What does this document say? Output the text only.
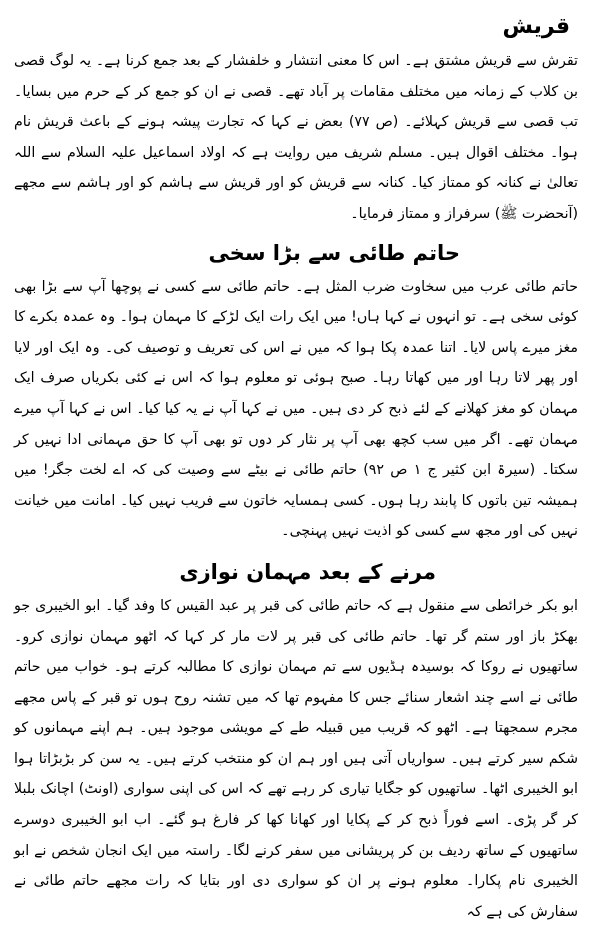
قریش

تقرش سے قریش مشتق ہے۔ اس کا معنی انتشار و خلفشار کے بعد جمع کرنا ہے۔ یہ لوگ قصی بن کلاب کے زمانہ میں مختلف مقامات پر آباد تھے۔ قصی نے ان کو جمع کر کے حرم میں بسایا۔ تب قصی سے قریش کہلائے۔ (ص ۷۷) بعض نے کہا کہ تجارت پیشہ ہونے کے باعث قریش نام ہوا۔ مختلف اقوال ہیں۔ مسلم شریف میں روایت ہے کہ اولاد اسماعیل علیہ السلام سے اللہ تعالیٰ نے کنانہ کو ممتاز کیا۔ کنانہ سے قریش کو اور قریش سے ہاشم کو اور ہاشم سے مجھے (آنحضرت ﷺ) سرفراز و ممتاز فرمایا۔

حاتم طائی سے بڑا سخی

حاتم طائی عرب میں سخاوت ضرب المثل ہے۔ حاتم طائی سے کسی نے پوچھا آپ سے بڑا بھی کوئی سخی ہے۔ تو انہوں نے کہا ہاں! میں ایک رات ایک لڑکے کا مہمان ہوا۔ وہ عمدہ بکرے کا مغز میرے پاس لایا۔ اتنا عمدہ پکا ہوا کہ میں نے اس کی تعریف و توصیف کی۔ وہ ایک اور لایا اور پھر لاتا رہا اور میں کھاتا رہا۔ صبح ہوئی تو معلوم ہوا کہ اس نے کئی بکریاں صرف ایک مہمان کو مغز کھلانے کے لئے ذبح کر دی ہیں۔ میں نے کہا آپ نے یہ کیا کیا۔ اس نے کہا آپ میرے مہمان تھے۔ اگر میں سب کچھ بھی آپ پر نثار کر دوں تو بھی آپ کا حق مہمانی ادا نہیں کر سکتا۔ (سیرۃ ابن کثیر ج ۱ ص ۹۲) حاتم طائی نے بیٹے سے وصیت کی کہ اے لخت جگر! میں ہمیشہ تین باتوں کا پابند رہا ہوں۔ کسی ہمسایہ خاتون سے فریب نہیں کیا۔ امانت میں خیانت نہیں کی اور مجھ سے کسی کو اذیت نہیں پہنچی۔

مرنے کے بعد مہمان نوازی

ابو بکر خرائطی سے منقول ہے کہ حاتم طائی کی قبر پر عبد القیس کا وفد گیا۔ ابو الخیبری جو بھکڑ باز اور ستم گر تھا۔ حاتم طائی کی قبر پر لات مار کر کہا کہ اٹھو مہمان نوازی کرو۔ ساتھیوں نے روکا کہ بوسیدہ ہڈیوں سے تم مہمان نوازی کا مطالبہ کرتے ہو۔ خواب میں حاتم طائی نے اسے چند اشعار سنائے جس کا مفہوم تھا کہ میں تشنہ روح ہوں تو قبر کے پاس مجھے مجرم سمجھتا ہے۔ اٹھو کہ قریب میں قبیلہ طے کے مویشی موجود ہیں۔ ہم اپنے مہمانوں کو شکم سیر کرتے ہیں۔ سواریاں آتی ہیں اور ہم ان کو منتخب کرتے ہیں۔ یہ سن کر بڑبڑاتا ہوا ابو الخیبری اٹھا۔ ساتھیوں کو جگایا تیاری کر رہے تھے کہ اس کی اپنی سواری (اونٹ) اچانک بلبلا کر گر پڑی۔ اسے فوراً ذبح کر کے پکایا اور کھانا کھا کر فارغ ہو گئے۔ اب ابو الخیبری دوسرے ساتھیوں کے ساتھ ردیف بن کر پریشانی میں سفر کرنے لگا۔ راستہ میں ایک انجان شخص نے ابو الخیبری نام پکارا۔ معلوم ہونے پر ان کو سواری دی اور بتایا کہ رات مجھے حاتم طائی نے سفارش کی ہے کہ
